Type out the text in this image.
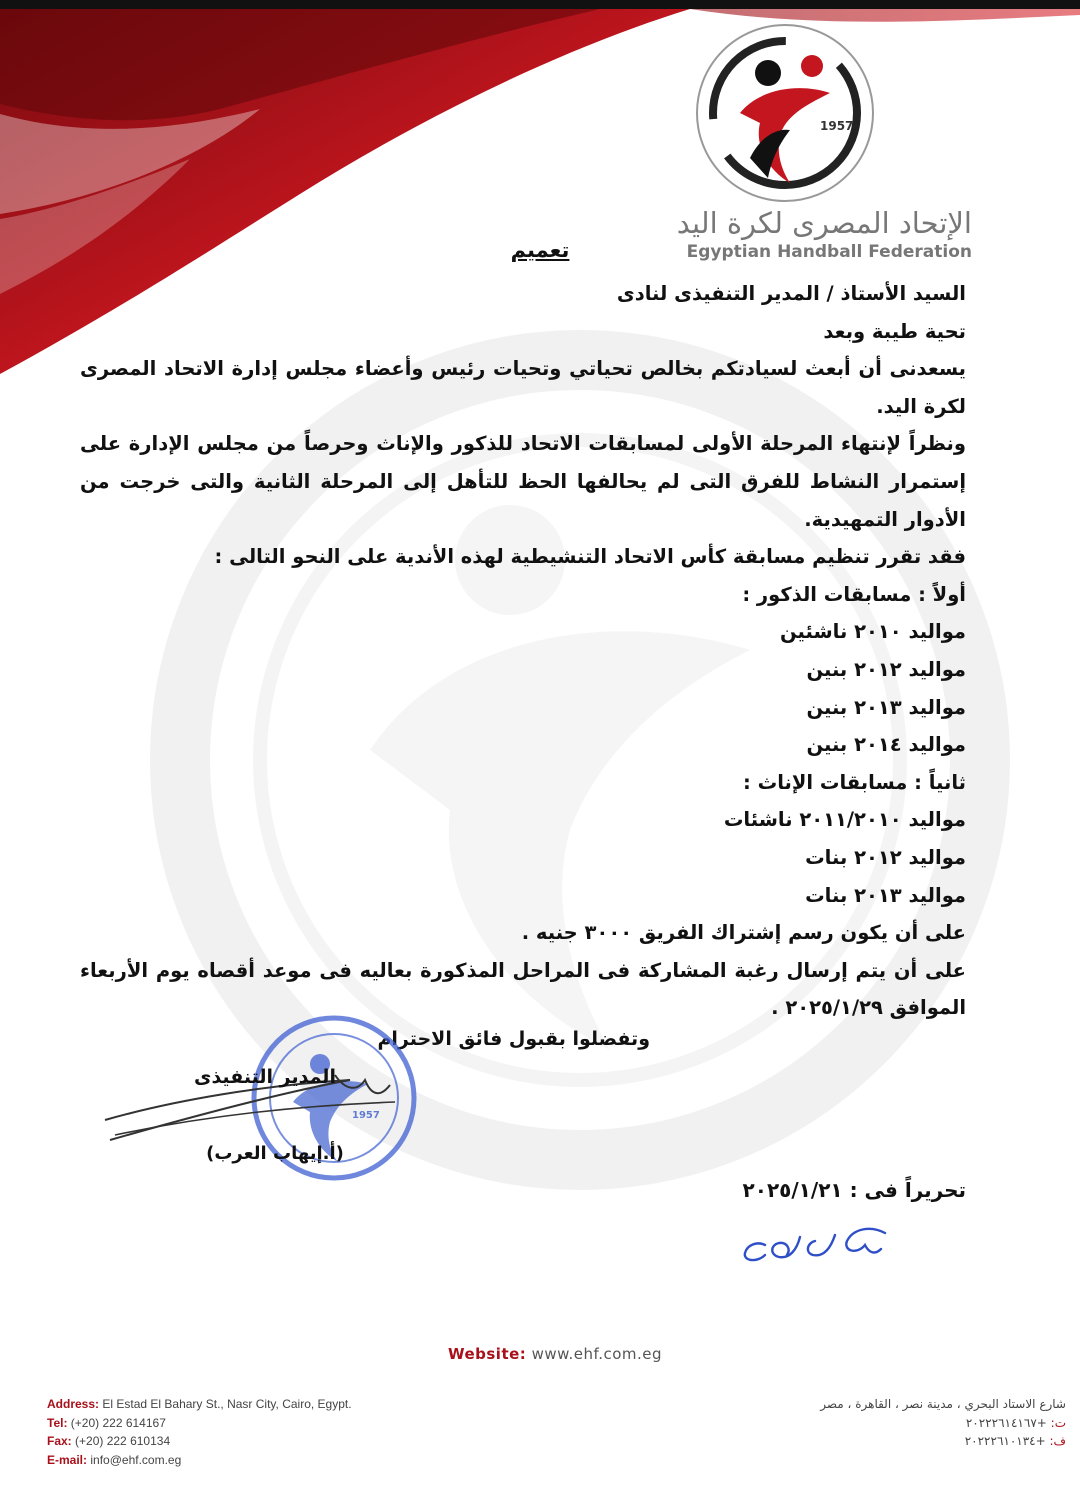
1957
الإتحاد المصرى لكرة اليد
Egyptian Handball Federation
تعميم

السيد الأستاذ / المدير التنفيذى لنادى

تحية طيبة وبعد

يسعدنى أن أبعث لسيادتكم بخالص تحياتي وتحيات رئيس وأعضاء مجلس إدارة الاتحاد المصرى لكرة اليد.

ونظراً لإنتهاء المرحلة الأولى لمسابقات الاتحاد للذكور والإناث وحرصاً من مجلس الإدارة على إستمرار النشاط للفرق التى لم يحالفها الحظ للتأهل إلى المرحلة الثانية والتى خرجت من الأدوار التمهيدية.

فقد تقرر تنظيم مسابقة كأس الاتحاد التنشيطية لهذه الأندية على النحو التالى :

أولاً : مسابقات الذكور :

مواليد ٢٠١٠ ناشئين

مواليد ٢٠١٢ بنين

مواليد ٢٠١٣ بنين

مواليد ٢٠١٤ بنين

ثانياً : مسابقات الإناث :

مواليد ٢٠١١/٢٠١٠ ناشئات

مواليد ٢٠١٢ بنات

مواليد ٢٠١٣ بنات

على أن يكون رسم إشتراك الفريق ٣٠٠٠ جنيه .

على أن يتم إرسال رغبة المشاركة فى المراحل المذكورة بعاليه فى موعد أقصاه يوم الأربعاء الموافق ٢٠٢٥/١/٢٩ .

وتفضلوا بقبول فائق الاحترام
1957
المدير التنفيذى
(أ.إيهاب العرب)
تحريراً فى : ٢٠٢٥/١/٢١
Website: www.ehf.com.eg
Address: El Estad El Bahary St., Nasr City, Cairo, Egypt.
Tel: (+20) 222 614167
Fax: (+20) 222 610134
E-mail: info@ehf.com.eg
شارع الاستاد البحري ، مدينة نصر ، القاهرة ، مصر
ت: +٢٠٢٢٢٦١٤١٦٧
ف: +٢٠٢٢٢٦١٠١٣٤
